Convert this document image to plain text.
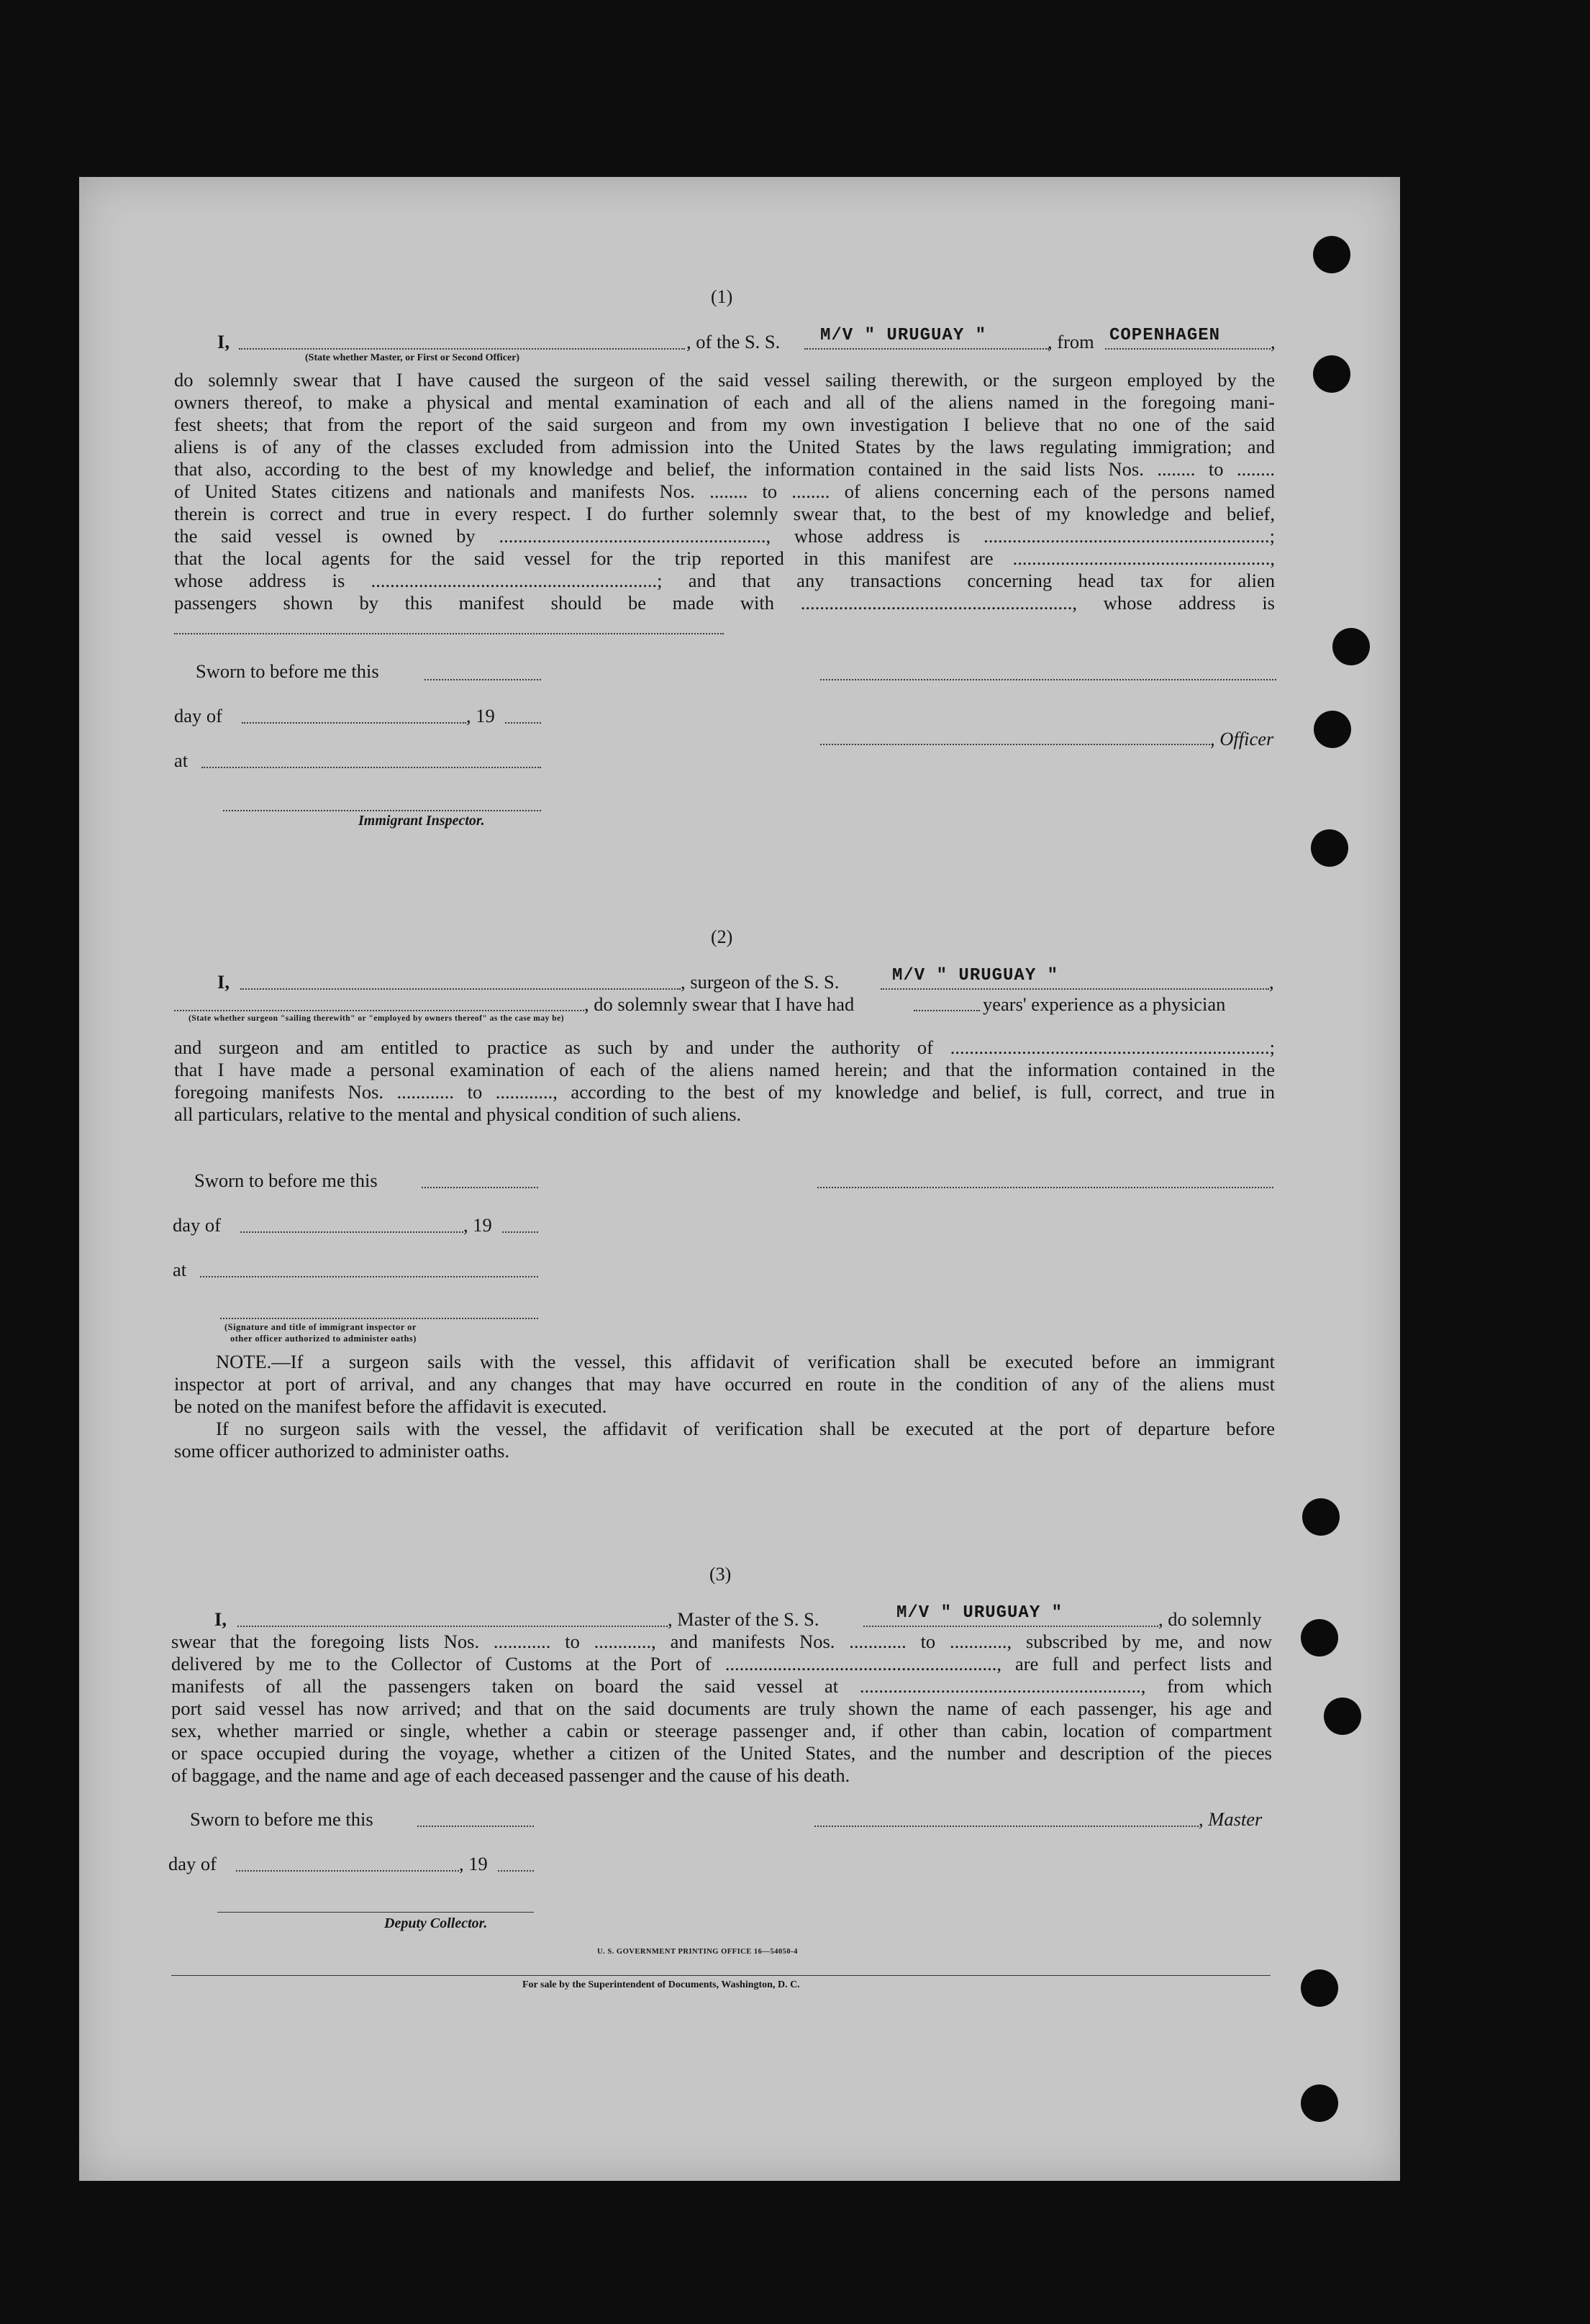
(1)
I,
(State whether Master, or First or Second Officer)
, of the S. S. M/V " URUGUAY "	, from COPENHAGEN	,
do solemnly swear that I have caused the surgeon of the said vessel sailing therewith, or the surgeon employed by the
owners thereof, to make a physical and mental examination of each and all of the aliens named in the foregoing mani-
fest sheets; that from the report of the said surgeon and from my own investigation I believe that no one of the said
aliens is of any of the classes excluded from admission into the United States by the laws regulating immigration; and
that also, according to the best of my knowledge and belief, the information contained in the said lists Nos. ........ to ........
of United States citizens and nationals and manifests Nos. ........ to ........ of aliens concerning each of the persons named
therein is correct and true in every respect. I do further solemnly swear that, to the best of my knowledge and belief,
the said vessel is owned by ........................................................, whose address is ............................................................;
that the local agents for the said vessel for the trip reported in this manifest are ......................................................,
whose address is ............................................................; and that any transactions concerning head tax for alien
passengers shown by this manifest should be made with ........................................................., whose address is
Sworn to before me this
day of	, 19
, Officer
at
Immigrant Inspector.
(2)
I,	, surgeon of the S. S.	M/V " URUGUAY "	,
, do solemnly swear that I have had	years' experience as a physician
(State whether surgeon "sailing therewith" or "employed by owners thereof" as the case may be)
and surgeon and am entitled to practice as such by and under the authority of ...................................................................;
that I have made a personal examination of each of the aliens named herein; and that the information contained in the
foregoing manifests Nos. ............ to ............, according to the best of my knowledge and belief, is full, correct, and true in
all particulars, relative to the mental and physical condition of such aliens.
Sworn to before me this
day of	, 19
at
(Signature and title of immigrant inspector or
other officer authorized to administer oaths)
NOTE.—If a surgeon sails with the vessel, this affidavit of verification shall be executed before an immigrant
inspector at port of arrival, and any changes that may have occurred en route in the condition of any of the aliens must
be noted on the manifest before the affidavit is executed.
If no surgeon sails with the vessel, the affidavit of verification shall be executed at the port of departure before
some officer authorized to administer oaths.
(3)
I,	, Master of the S. S.	M/V " URUGUAY "	, do solemnly
swear that the foregoing lists Nos. ............ to ............, and manifests Nos. ............ to ............, subscribed by me, and now
delivered by me to the Collector of Customs at the Port of ........................................................., are full and perfect lists and
manifests of all the passengers taken on board the said vessel at ..........................................................., from which
port said vessel has now arrived; and that on the said documents are truly shown the name of each passenger, his age and
sex, whether married or single, whether a cabin or steerage passenger and, if other than cabin, location of compartment
or space occupied during the voyage, whether a citizen of the United States, and the number and description of the pieces
of baggage, and the name and age of each deceased passenger and the cause of his death.
Sworn to before me this	, Master
day of	, 19
Deputy Collector.
U. S. GOVERNMENT PRINTING OFFICE 16—54050-4
For sale by the Superintendent of Documents, Washington, D. C.
